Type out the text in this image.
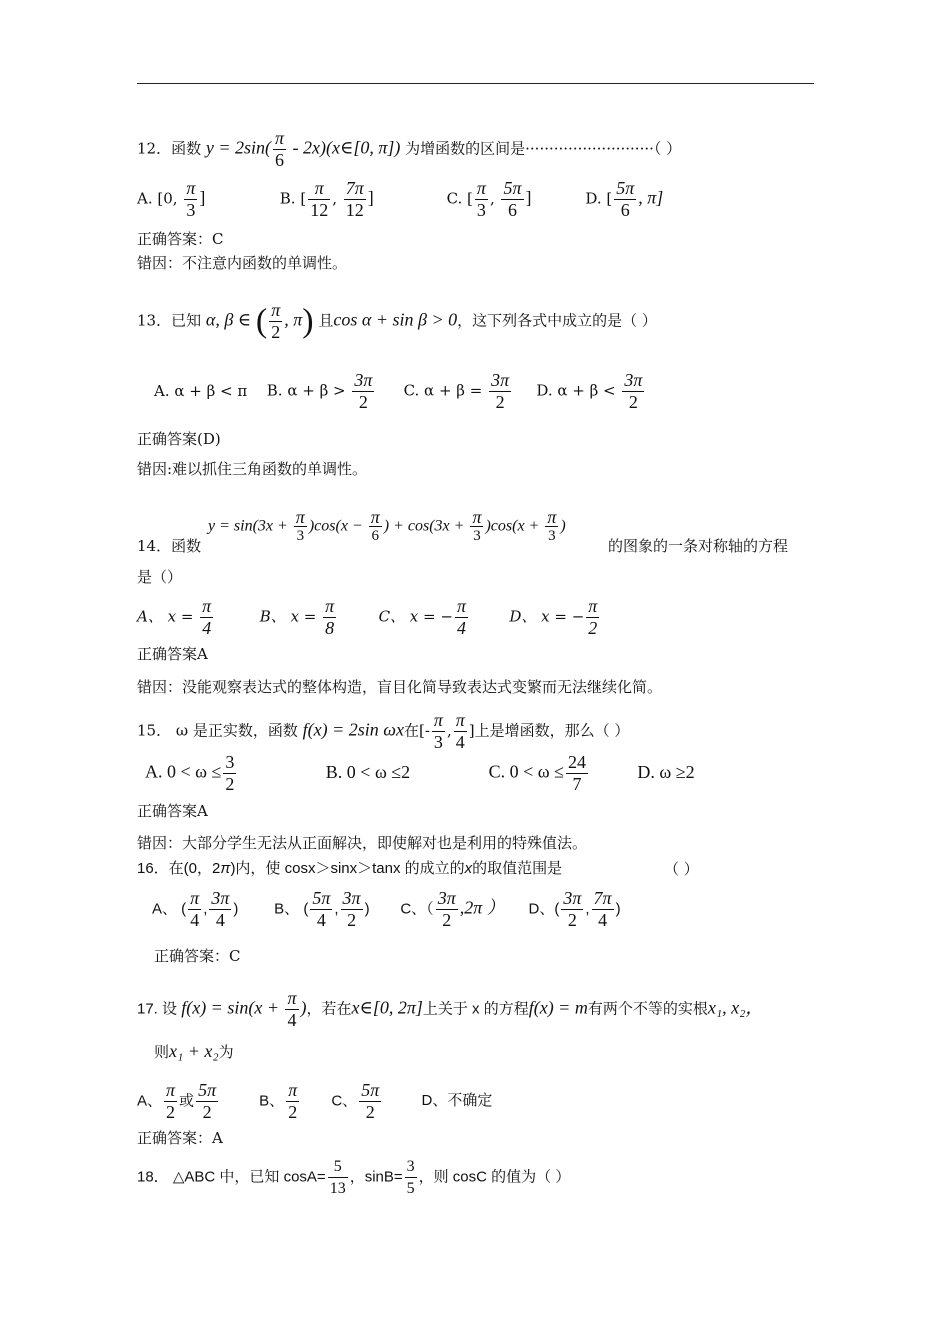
12．函数 $y = 2\sin( \frac{\pi}{6}$ - 2x)(x∈[0, π]) 为增函数的区间是···························（ ）
A. [0, $\frac{\pi}{3}$ ]	B. [ $\frac{\pi}{12}$ , $\frac{7\pi}{12}$ ]	C. [ $\frac{\pi}{3}$ , $\frac{5\pi}{6}$ ]	D. [ $\frac{5\pi}{6}$ , π]
正确答案：C
错因：不注意内函数的单调性。
13．已知 α, β ∈ ( $\frac{\pi}{2}$ , π) 且cos α + sin β > 0，这下列各式中成立的是（ ）
A. α + β < π B. $\alpha + \beta > \frac{3\pi}{2} C$. $\alpha + \beta = \frac{3\pi}{2} D$. $\alpha + \beta < \frac{3\pi}{2}$
正确答案(D)
错因:难以抓住三角函数的单调性。
y = sin(3x + π
3
)cos(x − π
6
) + cos(3x + π
3
)cos(x + π
3
)
14．函数	的图象的一条对称轴的方程
是（）
A、 $x = \frac{\pi}{4}$	B、 $x = \frac{\pi}{8}$	C、 x = − $\frac{\pi}{4}$	D、 x = − $\frac{\pi}{2}$
正确答案A
错因：没能观察表达式的整体构造，盲目化简导致表达式变繁而无法继续化简。
15． ω 是正实数，函数 f(x) = 2sin ωx在[- $\frac{\pi}{3}$ , $\frac{\pi}{4}$ ]上是增函数，那么（ ）
A. $0 < \omega \le \frac{3}{2}$	B. 0 < ω ≤2	C. $0 < \omega \le \frac{24}{7}$	D. ω ≥2
正确答案A
错因：大部分学生无法从正面解决，即使解对也是利用的特殊值法。
16．在(0，2π)内，使 cosx＞sinx＞tanx 的成立的x的取值范围是	（ ）
A、 ( $\frac{\pi}{4}$ , $\frac{3\pi}{4}$ ) B、 ( $\frac{5\pi}{4}$ , $\frac{3\pi}{2}$ ) C、（ $\frac{3\pi}{2} ,2\pi$ ） D、( $\frac{3\pi}{2}$ , $\frac{7\pi}{4}$ )
正确答案：C
17. 设 $f(x) = \sin(x + \frac{\pi}{4}$ )，若在x∈[0, 2π]上关于 x 的方程f(x) = m有两个不等的实根x₁, x₂，
则x₁ + x₂为
A、 $\frac{\pi}{2}$ 或 $\frac{5\pi}{2}$	B、 $\frac{\pi}{2}$ C、 $\frac{5\pi}{2}$	D、不确定
正确答案：A
18． △ABC 中，已知 $\cos A= \frac{5}{13}$ ，$\sin B= \frac{3}{5}$ ，则 cosC 的值为（ ）
